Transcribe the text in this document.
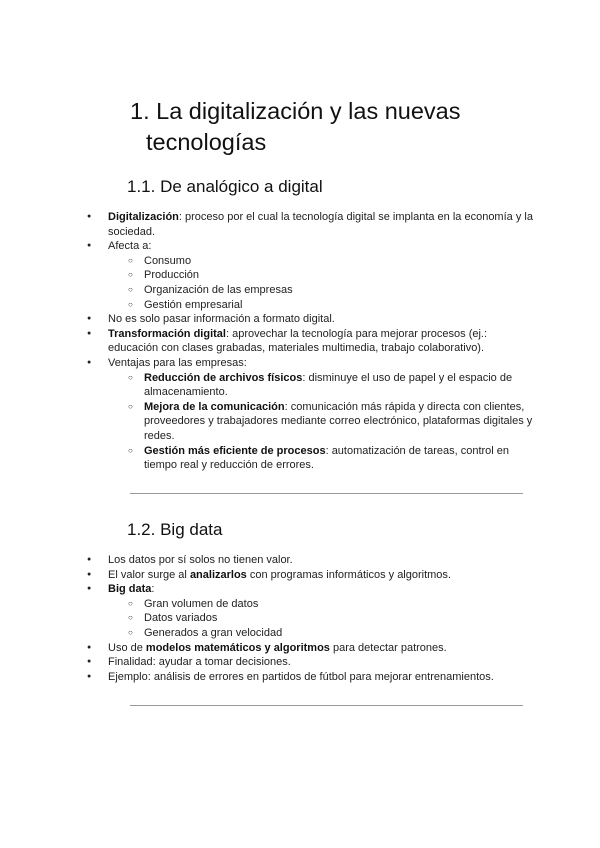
1. La digitalización y las nuevas
tecnologías
1.1. De analógico a digital
● Digitalización: proceso por el cual la tecnología digital se implanta en la economía y la sociedad.
● Afecta a:
○ Consumo
○ Producción
○ Organización de las empresas
○ Gestión empresarial
● No es solo pasar información a formato digital.
● Transformación digital: aprovechar la tecnología para mejorar procesos (ej.: educación con clases grabadas, materiales multimedia, trabajo colaborativo).
● Ventajas para las empresas:
○ Reducción de archivos físicos: disminuye el uso de papel y el espacio de almacenamiento.
○ Mejora de la comunicación: comunicación más rápida y directa con clientes, proveedores y trabajadores mediante correo electrónico, plataformas digitales y redes.
○ Gestión más eficiente de procesos: automatización de tareas, control en tiempo real y reducción de errores.
1.2. Big data
● Los datos por sí solos no tienen valor.
● El valor surge al analizarlos con programas informáticos y algoritmos.
● Big data:
○ Gran volumen de datos
○ Datos variados
○ Generados a gran velocidad
● Uso de modelos matemáticos y algoritmos para detectar patrones.
● Finalidad: ayudar a tomar decisiones.
● Ejemplo: análisis de errores en partidos de fútbol para mejorar entrenamientos.
